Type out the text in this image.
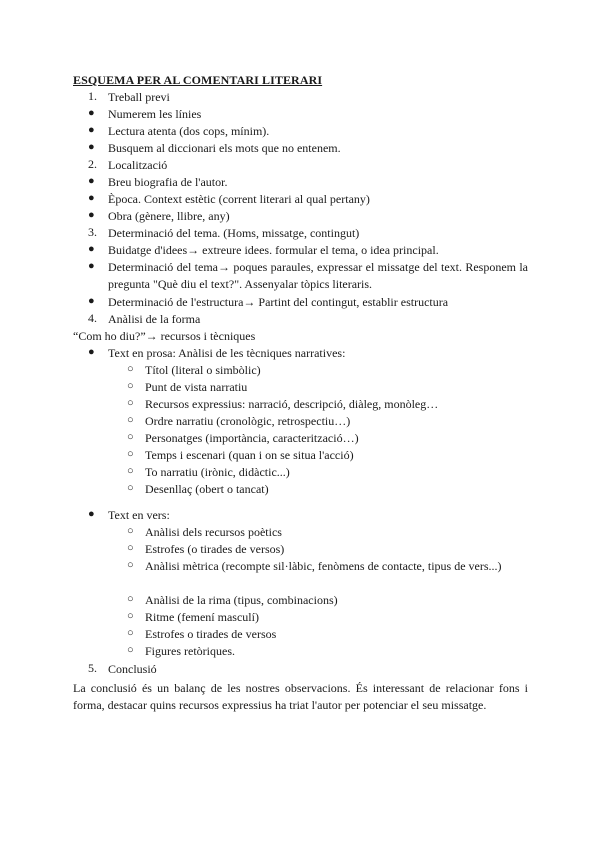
ESQUEMA PER AL COMENTARI LITERARI
1. Treball previ
● Numerem les línies
● Lectura atenta (dos cops, mínim).
● Busquem al diccionari els mots que no entenem.
2. Localització
● Breu biografia de l'autor.
● Època. Context estètic (corrent literari al qual pertany)
● Obra (gènere, llibre, any)
3. Determinació del tema. (Homs, missatge, contingut)
● Buidatge d'idees→ extreure idees. formular el tema, o idea principal.
● Determinació del tema→ poques paraules, expressar el missatge del text. Responem la pregunta "Què diu el text?". Assenyalar tòpics literaris.
● Determinació de l'estructura→ Partint del contingut, establir estructura
4. Anàlisi de la forma
“Com ho diu?”→ recursos i tècniques
● Text en prosa: Anàlisi de les tècniques narratives:
○ Títol (literal o simbòlic)
○ Punt de vista narratiu
○ Recursos expressius: narració, descripció, diàleg, monòleg…
○ Ordre narratiu (cronològic, retrospectiu…)
○ Personatges (importància, caracterització…)
○ Temps i escenari (quan i on se situa l'acció)
○ To narratiu (irònic, didàctic...)
○ Desenllaç (obert o tancat)
● Text en vers:
○ Anàlisi dels recursos poètics
○ Estrofes (o tirades de versos)
○ Anàlisi mètrica (recompte sil·làbic, fenòmens de contacte, tipus de vers...)
○ Anàlisi de la rima (tipus, combinacions)
○ Ritme (femení masculí)
○ Estrofes o tirades de versos
○ Figures retòriques.
5. Conclusió
La conclusió és un balanç de les nostres observacions. És interessant de relacionar fons i forma, destacar quins recursos expressius ha triat l'autor per potenciar el seu missatge.
